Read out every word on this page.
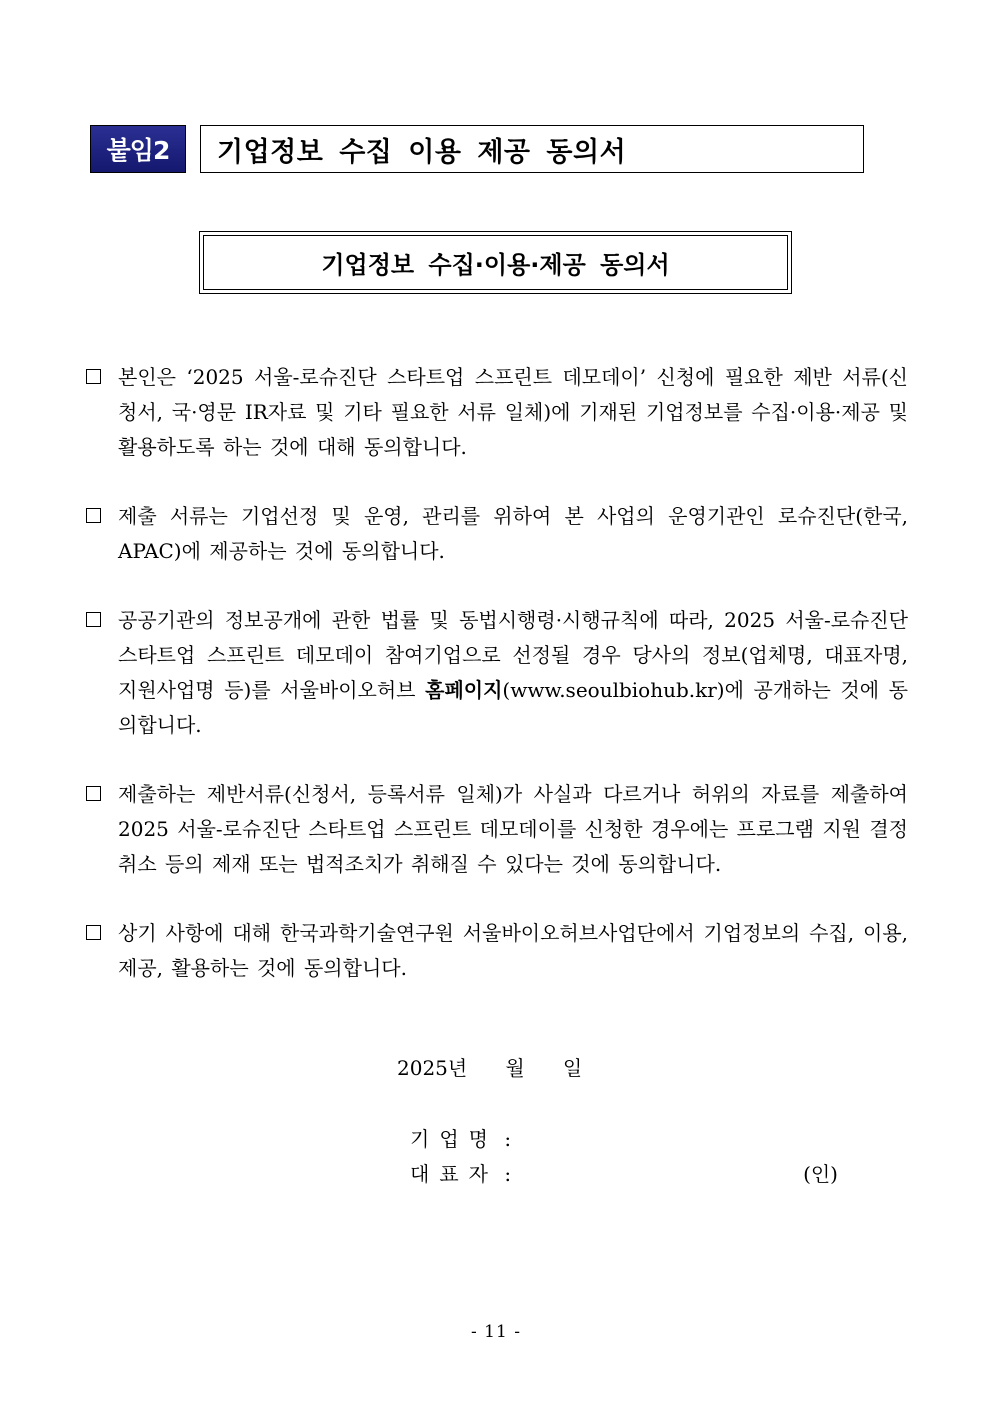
붙임2	기업정보 수집 이용 제공 동의서
기업정보 수집·이용·제공 동의서
본인은 ‘2025 서울-로슈진단 스타트업 스프린트 데모데이’ 신청에 필요한 제반 서류(신청서, 국·영문 IR자료 및 기타 필요한 서류 일체)에 기재된 기업정보를 수집·이용·제공 및 활용하도록 하는 것에 대해 동의합니다.
제출 서류는 기업선정 및 운영, 관리를 위하여 본 사업의 운영기관인 로슈진단(한국, APAC)에 제공하는 것에 동의합니다.
공공기관의 정보공개에 관한 법률 및 동법시행령·시행규칙에 따라, 2025 서울-로슈진단 스타트업 스프린트 데모데이 참여기업으로 선정될 경우 당사의 정보(업체명, 대표자명, 지원사업명 등)를 서울바이오허브 홈페이지(www.seoulbiohub.kr)에 공개하는 것에 동의합니다.
제출하는 제반서류(신청서, 등록서류 일체)가 사실과 다르거나 허위의 자료를 제출하여 2025 서울-로슈진단 스타트업 스프린트 데모데이를 신청한 경우에는 프로그램 지원 결정 취소 등의 제재 또는 법적조치가 취해질 수 있다는 것에 동의합니다.
상기 사항에 대해 한국과학기술연구원 서울바이오허브사업단에서 기업정보의 수집, 이용, 제공, 활용하는 것에 동의합니다.
2025년      월      일
기업명 :
대표자 :	(인)
- 11 -
